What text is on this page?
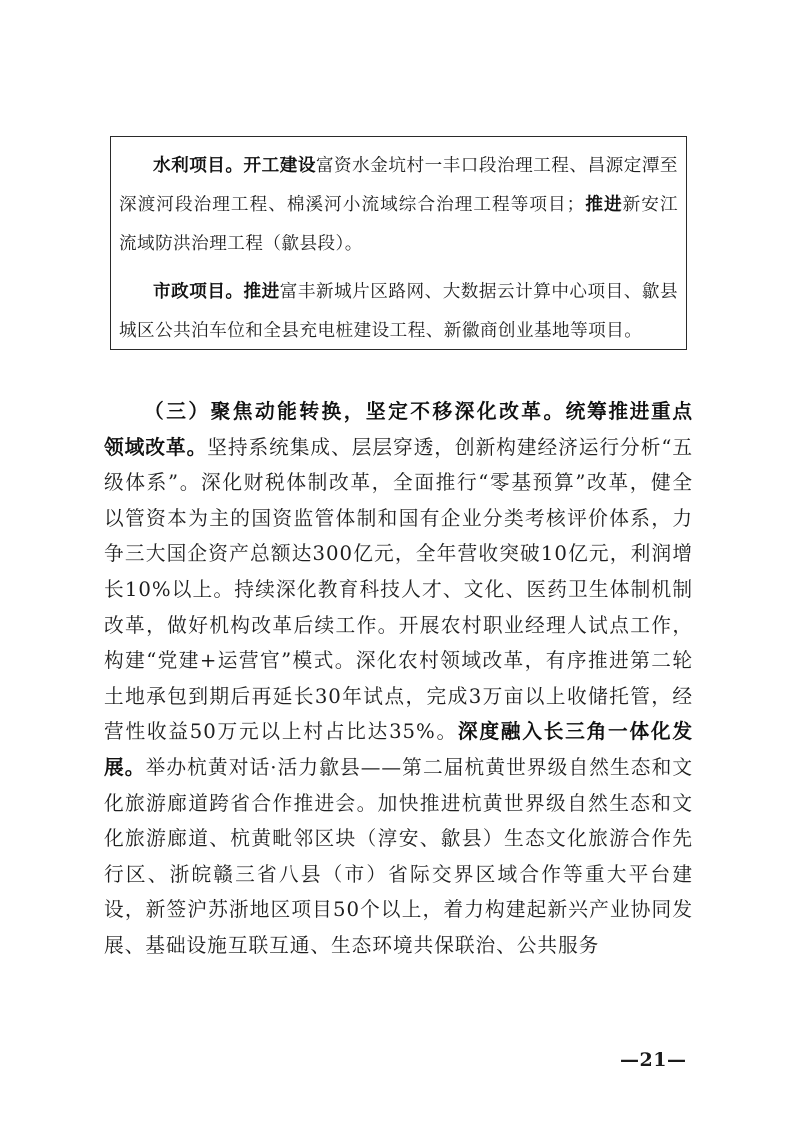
水利项目。开工建设富资水金坑村一丰口段治理工程、昌源定潭至深渡河段治理工程、棉溪河小流域综合治理工程等项目；推进新安江流域防洪治理工程（歙县段）。

市政项目。推进富丰新城片区路网、大数据云计算中心项目、歙县城区公共泊车位和全县充电桩建设工程、新徽商创业基地等项目。

（三）聚焦动能转换，坚定不移深化改革。统筹推进重点领域改革。坚持系统集成、层层穿透，创新构建经济运行分析“五级体系”。深化财税体制改革，全面推行“零基预算”改革，健全以管资本为主的国资监管体制和国有企业分类考核评价体系，力争三大国企资产总额达300亿元，全年营收突破10亿元，利润增长10%以上。持续深化教育科技人才、文化、医药卫生体制机制改革，做好机构改革后续工作。开展农村职业经理人试点工作，构建“党建+运营官”模式。深化农村领域改革，有序推进第二轮土地承包到期后再延长30年试点，完成3万亩以上收储托管，经营性收益50万元以上村占比达35%。深度融入长三角一体化发展。举办杭黄对话·活力歙县——第二届杭黄世界级自然生态和文化旅游廊道跨省合作推进会。加快推进杭黄世界级自然生态和文化旅游廊道、杭黄毗邻区块（淳安、歙县）生态文化旅游合作先行区、浙皖赣三省八县（市）省际交界区域合作等重大平台建设，新签沪苏浙地区项目50个以上，着力构建起新兴产业协同发展、基础设施互联互通、生态环境共保联治、公共服务

—21—
